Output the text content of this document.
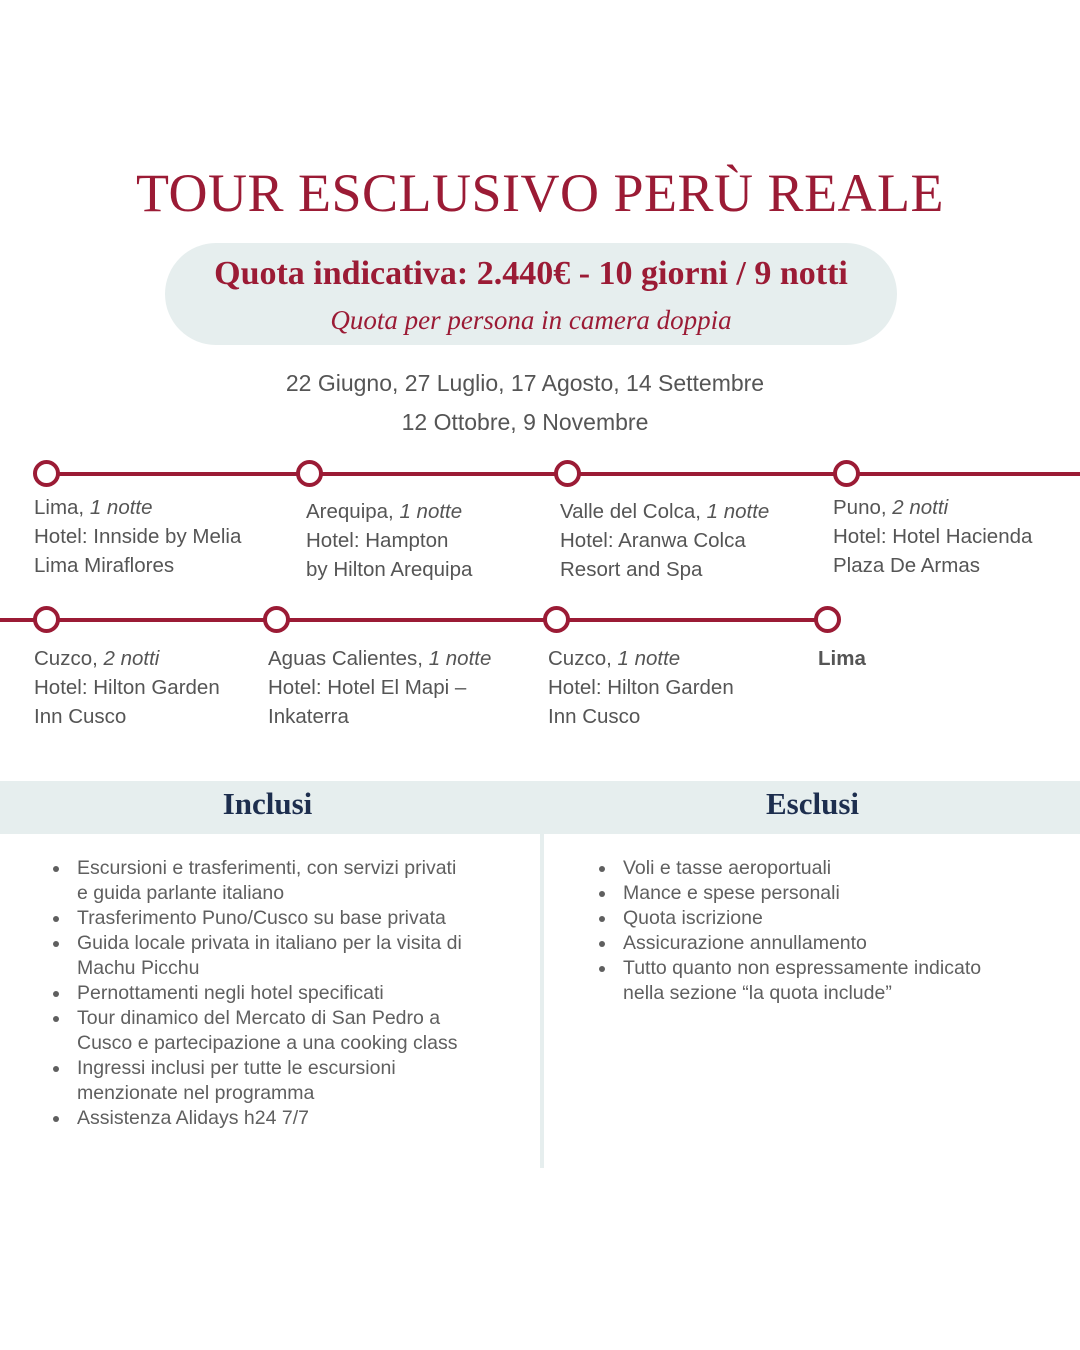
TOUR ESCLUSIVO PERÙ REALE
Quota indicativa: 2.440€ - 10 giorni / 9 notti
Quota per persona in camera doppia
22 Giugno, 27 Luglio, 17 Agosto, 14 Settembre
12 Ottobre, 9 Novembre
Lima, 1 notte
Hotel: Innside by Melia
Lima Miraflores
Arequipa, 1 notte
Hotel: Hampton
by Hilton Arequipa
Valle del Colca, 1 notte
Hotel: Aranwa Colca
Resort and Spa
Puno, 2 notti
Hotel: Hotel Hacienda
Plaza De Armas
Cuzco, 2 notti
Hotel: Hilton Garden
Inn Cusco
Aguas Calientes, 1 notte
Hotel: Hotel El Mapi –
Inkaterra
Cuzco, 1 notte
Hotel: Hilton Garden
Inn Cusco
Lima
Inclusi	Esclusi
Escursioni e trasferimenti, con servizi privati
e guida parlante italiano
Trasferimento Puno/Cusco su base privata
Guida locale privata in italiano per la visita di
Machu Picchu
Pernottamenti negli hotel specificati
Tour dinamico del Mercato di San Pedro a
Cusco e partecipazione a una cooking class
Ingressi inclusi per tutte le escursioni
menzionate nel programma
Assistenza Alidays h24 7/7
Voli e tasse aeroportuali
Mance e spese personali
Quota iscrizione
Assicurazione annullamento
Tutto quanto non espressamente indicato
nella sezione “la quota include”
